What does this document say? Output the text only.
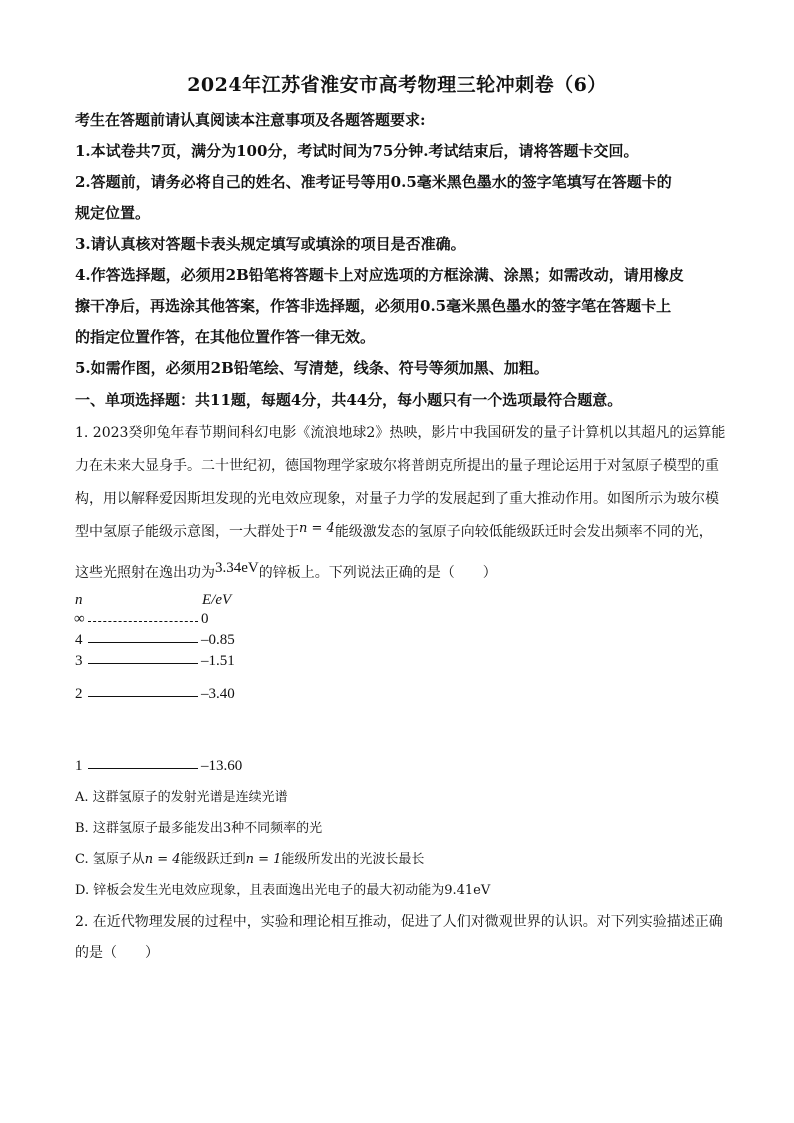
2024年江苏省淮安市高考物理三轮冲刺卷（6）
考生在答题前请认真阅读本注意事项及各题答题要求:
1.本试卷共7页，满分为100分，考试时间为75分钟.考试结束后，请将答题卡交回。
2.答题前，请务必将自己的姓名、准考证号等用0.5毫米黑色墨水的签字笔填写在答题卡的
规定位置。
3.请认真核对答题卡表头规定填写或填涂的项目是否准确。
4.作答选择题，必须用2B铅笔将答题卡上对应选项的方框涂满、涂黑；如需改动，请用橡皮
擦干净后，再选涂其他答案，作答非选择题，必须用0.5毫米黑色墨水的签字笔在答题卡上
的指定位置作答，在其他位置作答一律无效。
5.如需作图，必须用2B铅笔绘、写清楚，线条、符号等须加黑、加粗。
一、单项选择题：共11题，每题4分，共44分，每小题只有一个选项最符合题意。
1. 2023癸卯兔年春节期间科幻电影《流浪地球2》热映，影片中我国研发的量子计算机以其超凡的运算能
力在未来大显身手。二十世纪初，德国物理学家玻尔将普朗克所提出的量子理论运用于对氢原子模型的重
构，用以解释爱因斯坦发现的光电效应现象，对量子力学的发展起到了重大推动作用。如图所示为玻尔模
型中氢原子能级示意图，一大群处于n = 4能级激发态的氢原子向较低能级跃迁时会发出频率不同的光，
这些光照射在逸出功为3.34eV的锌板上。下列说法正确的是（　　）
n	E/eV
∞	0
4	–0.85
3	–1.51
2	–3.40
1	–13.60
A. 这群氢原子的发射光谱是连续光谱
B. 这群氢原子最多能发出3种不同频率的光
C. 氢原子从n = 4能级跃迁到n = 1能级所发出的光波长最长
D. 锌板会发生光电效应现象，且表面逸出光电子的最大初动能为9.41eV
2. 在近代物理发展的过程中，实验和理论相互推动，促进了人们对微观世界的认识。对下列实验描述正确
的是（　　）
